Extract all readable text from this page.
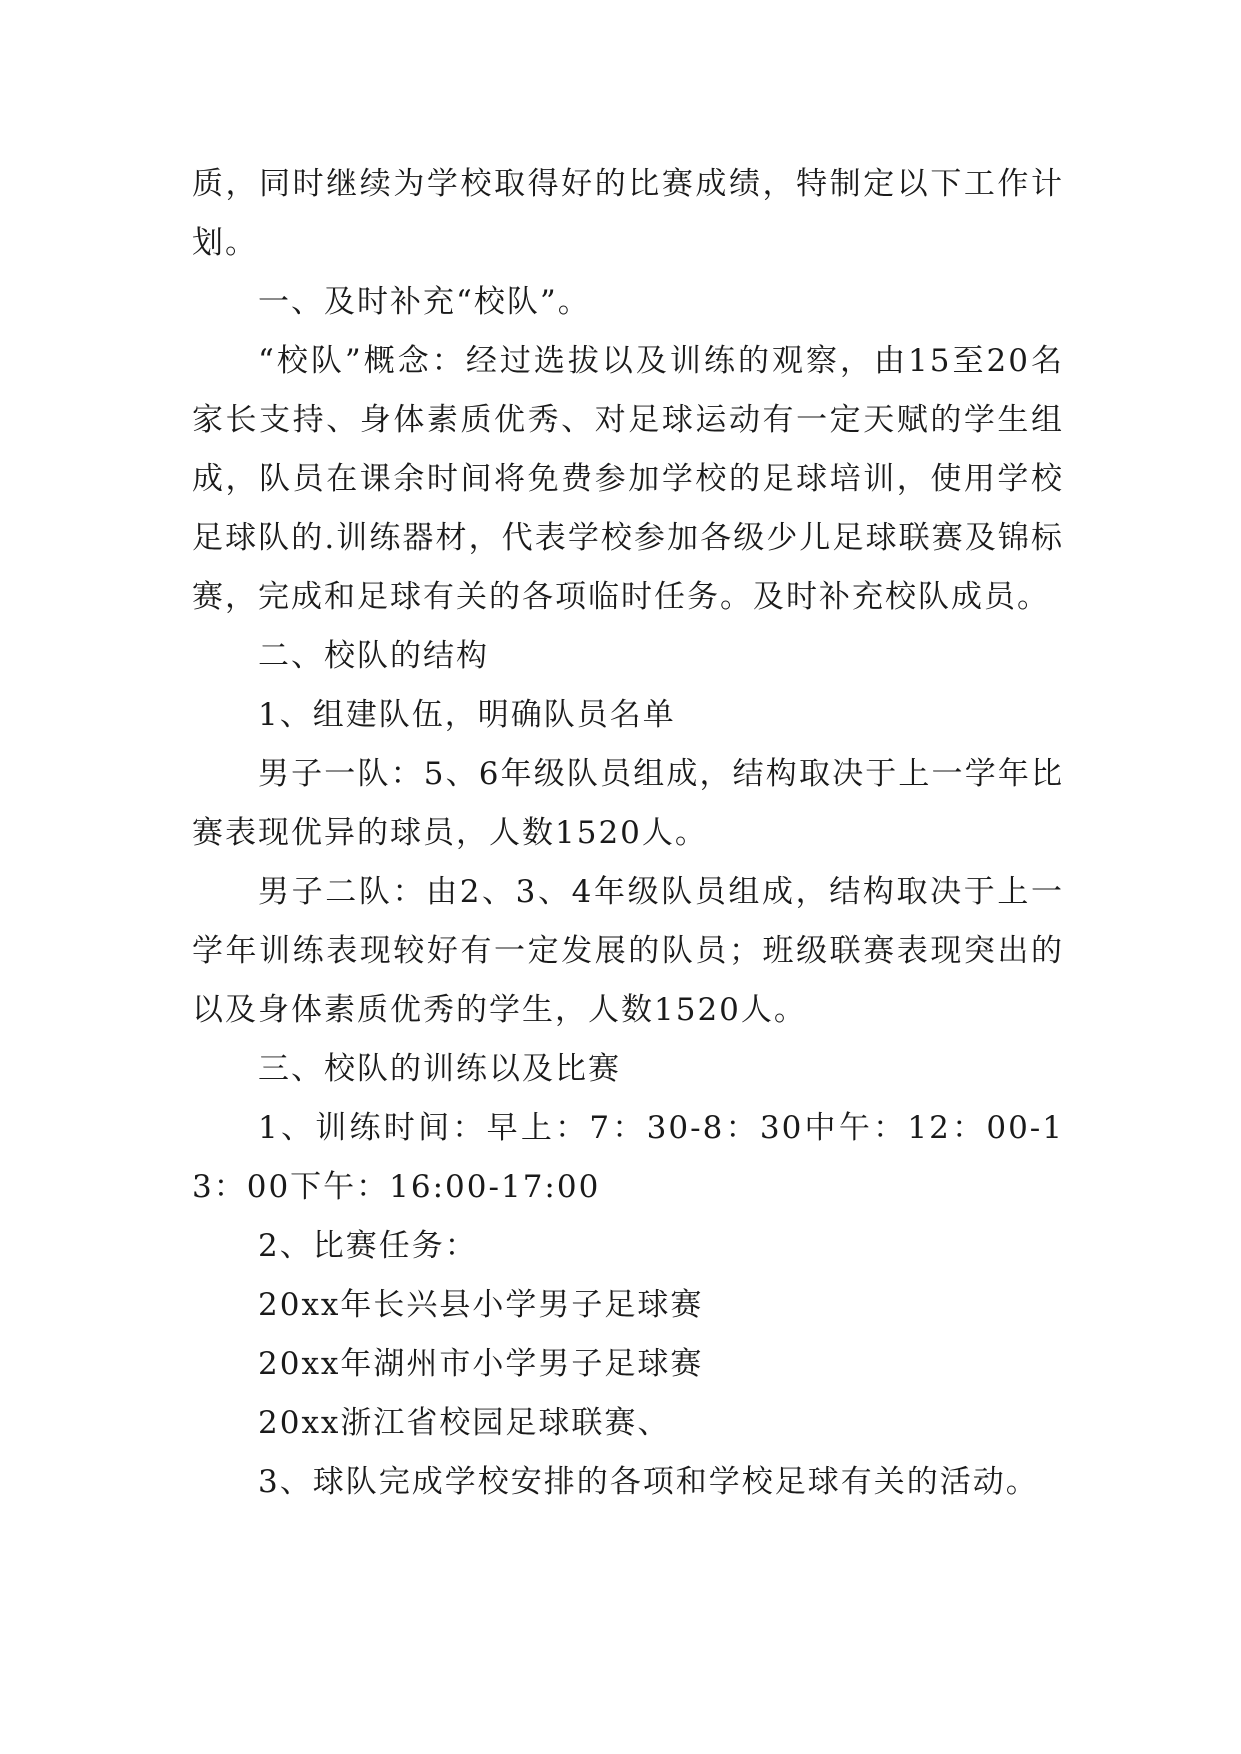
质，同时继续为学校取得好的比赛成绩，特制定以下工作计划。

一、及时补充“校队”。

“校队”概念：经过选拔以及训练的观察，由15至20名家长支持、身体素质优秀、对足球运动有一定天赋的学生组成，队员在课余时间将免费参加学校的足球培训，使用学校足球队的.训练器材，代表学校参加各级少儿足球联赛及锦标赛，完成和足球有关的各项临时任务。及时补充校队成员。

二、校队的结构

1、组建队伍，明确队员名单

男子一队：5、6年级队员组成，结构取决于上一学年比赛表现优异的球员，人数1520人。

男子二队：由2、3、4年级队员组成，结构取决于上一学年训练表现较好有一定发展的队员；班级联赛表现突出的以及身体素质优秀的学生，人数1520人。

三、校队的训练以及比赛

1、训练时间：早上：7：30-8：30中午：12：00-13：00下午：16:00-17:00

2、比赛任务：

20xx年长兴县小学男子足球赛

20xx年湖州市小学男子足球赛

20xx浙江省校园足球联赛、

3、球队完成学校安排的各项和学校足球有关的活动。
